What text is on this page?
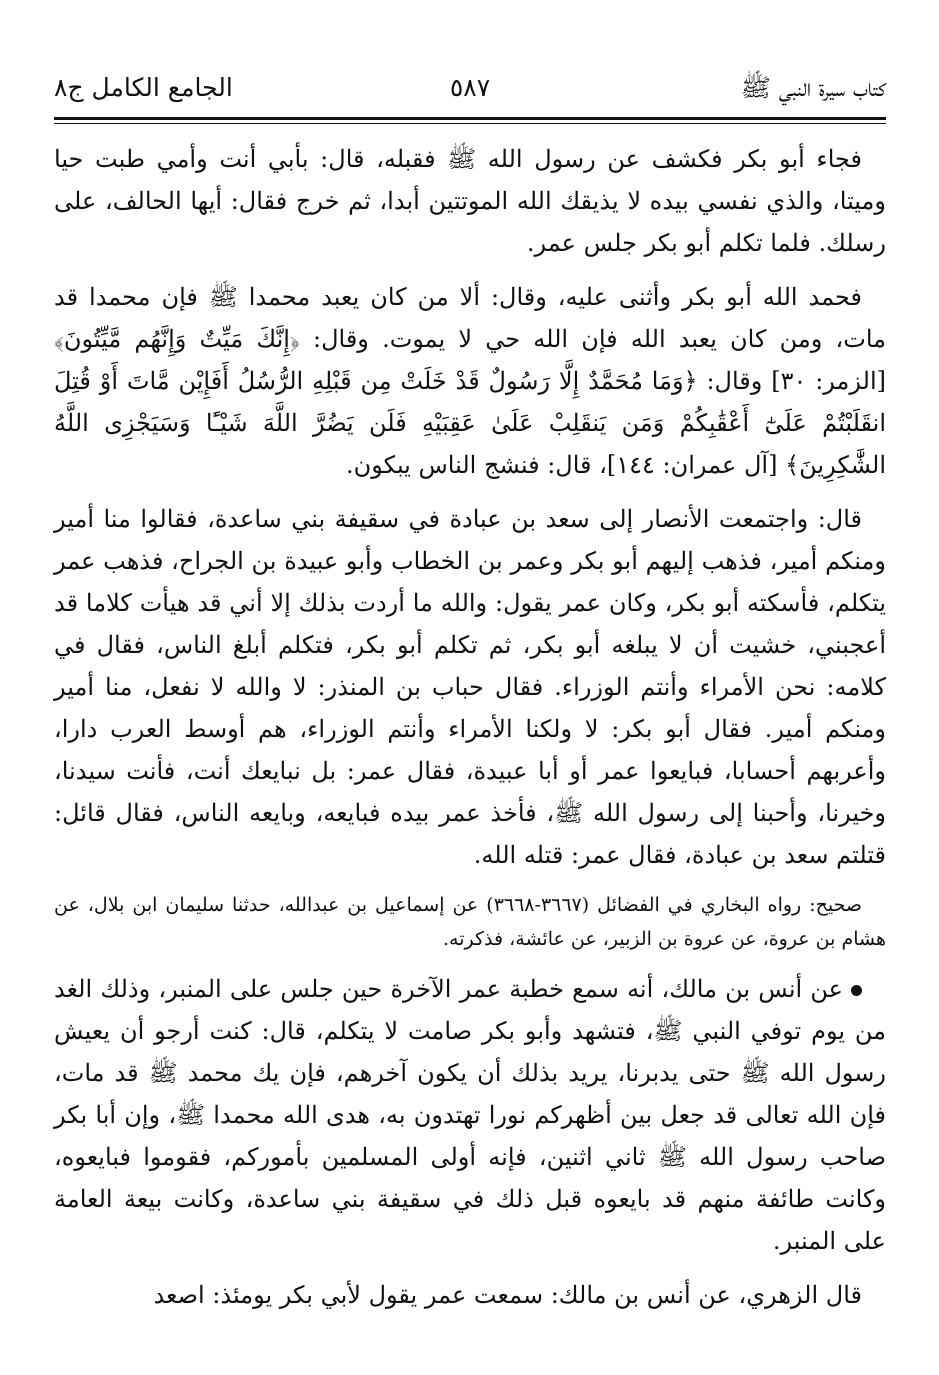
كتاب سيرة النبي ﷺ
٥٨٧
الجامع الكامل ج٨

فجاء أبو بكر فكشف عن رسول الله ﷺ فقبله، قال: بأبي أنت وأمي طبت حيا وميتا، والذي نفسي بيده لا يذيقك الله الموتتين أبدا، ثم خرج فقال: أيها الحالف، على رسلك. فلما تكلم أبو بكر جلس عمر.

فحمد الله أبو بكر وأثنى عليه، وقال: ألا من كان يعبد محمدا ﷺ فإن محمدا قد مات، ومن كان يعبد الله فإن الله حي لا يموت. وقال: ﴿إِنَّكَ مَيِّتٌ وَإِنَّهُم مَّيِّتُونَ﴾ [الزمر: ٣٠] وقال: ﴿وَمَا مُحَمَّدٌ إِلَّا رَسُولٌ قَدْ خَلَتْ مِن قَبْلِهِ الرُّسُلُ أَفَإِيْن مَّاتَ أَوْ قُتِلَ انقَلَبْتُمْ عَلَىٰٓ أَعْقَٰبِكُمْ وَمَن يَنقَلِبْ عَلَىٰ عَقِبَيْهِ فَلَن يَضُرَّ اللَّهَ شَيْـًٔا وَسَيَجْزِى اللَّهُ الشَّٰكِرِينَ﴾ [آل عمران: ١٤٤]، قال: فنشج الناس يبكون.

قال: واجتمعت الأنصار إلى سعد بن عبادة في سقيفة بني ساعدة، فقالوا منا أمير ومنكم أمير، فذهب إليهم أبو بكر وعمر بن الخطاب وأبو عبيدة بن الجراح، فذهب عمر يتكلم، فأسكته أبو بكر، وكان عمر يقول: والله ما أردت بذلك إلا أني قد هيأت كلاما قد أعجبني، خشيت أن لا يبلغه أبو بكر، ثم تكلم أبو بكر، فتكلم أبلغ الناس، فقال في كلامه: نحن الأمراء وأنتم الوزراء. فقال حباب بن المنذر: لا والله لا نفعل، منا أمير ومنكم أمير. فقال أبو بكر: لا ولكنا الأمراء وأنتم الوزراء، هم أوسط العرب دارا، وأعربهم أحسابا، فبايعوا عمر أو أبا عبيدة، فقال عمر: بل نبايعك أنت، فأنت سيدنا، وخيرنا، وأحبنا إلى رسول الله ﷺ، فأخذ عمر بيده فبايعه، وبايعه الناس، فقال قائل: قتلتم سعد بن عبادة، فقال عمر: قتله الله.

صحيح: رواه البخاري في الفضائل (٣٦٦٧-٣٦٦٨) عن إسماعيل بن عبدالله، حدثنا سليمان ابن بلال، عن هشام بن عروة، عن عروة بن الزبير، عن عائشة، فذكرته.

عن أنس بن مالك، أنه سمع خطبة عمر الآخرة حين جلس على المنبر، وذلك الغد من يوم توفي النبي ﷺ، فتشهد وأبو بكر صامت لا يتكلم، قال: كنت أرجو أن يعيش رسول الله ﷺ حتى يدبرنا، يريد بذلك أن يكون آخرهم، فإن يك محمد ﷺ قد مات، فإن الله تعالى قد جعل بين أظهركم نورا تهتدون به، هدى الله محمدا ﷺ، وإن أبا بكر صاحب رسول الله ﷺ ثاني اثنين، فإنه أولى المسلمين بأموركم، فقوموا فبايعوه، وكانت طائفة منهم قد بايعوه قبل ذلك في سقيفة بني ساعدة، وكانت بيعة العامة على المنبر.

قال الزهري، عن أنس بن مالك: سمعت عمر يقول لأبي بكر يومئذ: اصعد
